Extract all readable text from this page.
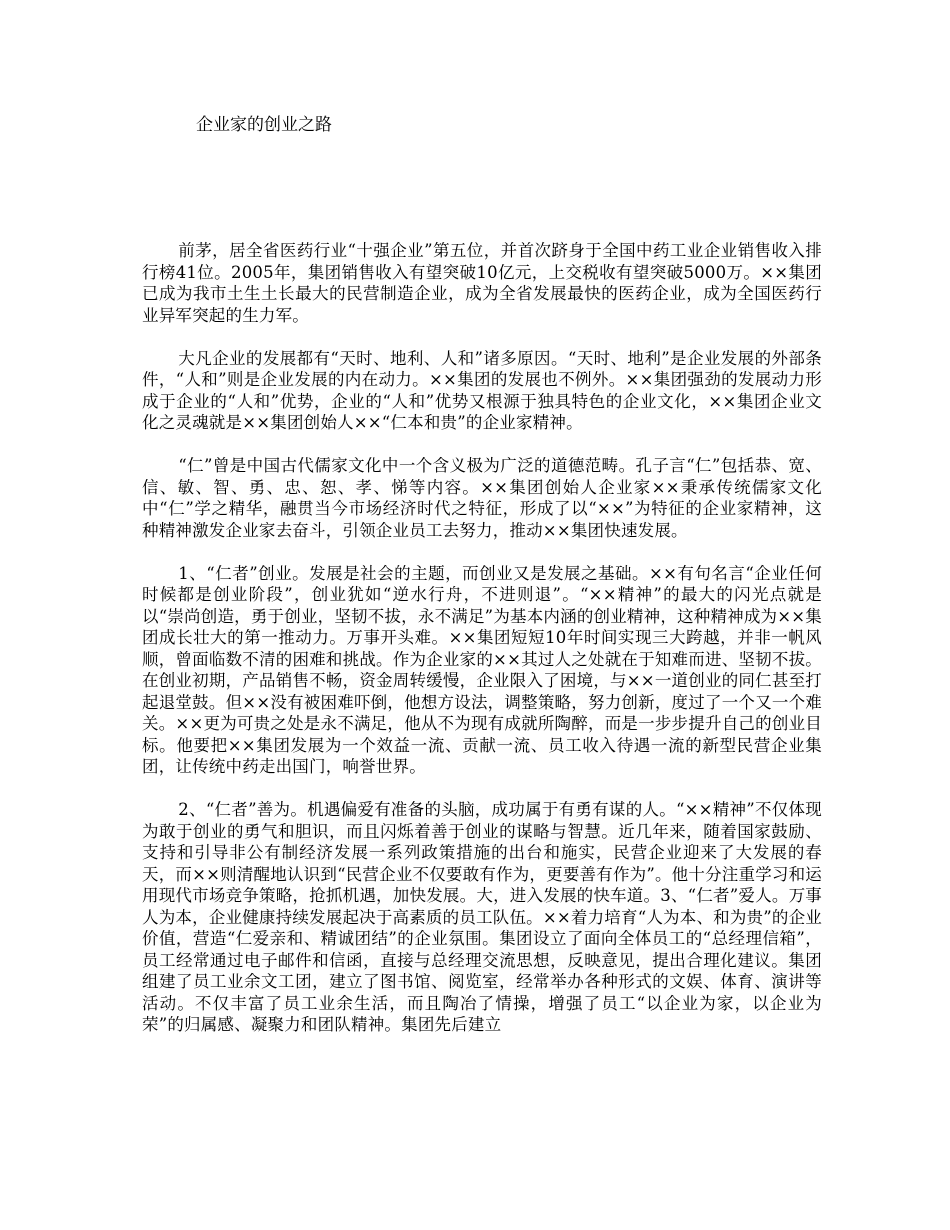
企业家的创业之路

前茅，居全省医药行业“十强企业”第五位，并首次跻身于全国中药工业企业销售收入排行榜41位。2005年，集团销售收入有望突破10亿元，上交税收有望突破5000万。××集团已成为我市土生土长最大的民营制造企业，成为全省发展最快的医药企业，成为全国医药行业异军突起的生力军。

大凡企业的发展都有“天时、地利、人和”诸多原因。“天时、地利”是企业发展的外部条件，“人和”则是企业发展的内在动力。××集团的发展也不例外。××集团强劲的发展动力形成于企业的“人和”优势，企业的“人和”优势又根源于独具特色的企业文化，××集团企业文化之灵魂就是××集团创始人××“仁本和贵”的企业家精神。

“仁”曾是中国古代儒家文化中一个含义极为广泛的道德范畴。孔子言“仁”包括恭、宽、信、敏、智、勇、忠、恕、孝、悌等内容。××集团创始人企业家××秉承传统儒家文化中“仁”学之精华，融贯当今市场经济时代之特征，形成了以“××”为特征的企业家精神，这种精神激发企业家去奋斗，引领企业员工去努力，推动××集团快速发展。

1、“仁者”创业。发展是社会的主题，而创业又是发展之基础。××有句名言“企业任何时候都是创业阶段”，创业犹如“逆水行舟，不进则退”。“××精神”的最大的闪光点就是以“崇尚创造，勇于创业，坚韧不拔，永不满足”为基本内涵的创业精神，这种精神成为××集团成长壮大的第一推动力。万事开头难。××集团短短10年时间实现三大跨越，并非一帆风顺，曾面临数不清的困难和挑战。作为企业家的××其过人之处就在于知难而进、坚韧不拔。在创业初期，产品销售不畅，资金周转缓慢，企业限入了困境，与××一道创业的同仁甚至打起退堂鼓。但××没有被困难吓倒，他想方设法，调整策略，努力创新，度过了一个又一个难关。××更为可贵之处是永不满足，他从不为现有成就所陶醉，而是一步步提升自己的创业目标。他要把××集团发展为一个效益一流、贡献一流、员工收入待遇一流的新型民营企业集团，让传统中药走出国门，响誉世界。

2、“仁者”善为。机遇偏爱有准备的头脑，成功属于有勇有谋的人。“××精神”不仅体现为敢于创业的勇气和胆识，而且闪烁着善于创业的谋略与智慧。近几年来，随着国家鼓励、支持和引导非公有制经济发展一系列政策措施的出台和施实，民营企业迎来了大发展的春天，而××则清醒地认识到“民营企业不仅要敢有作为，更要善有作为”。他十分注重学习和运用现代市场竞争策略，抢抓机遇，加快发展。大，进入发展的快车道。3、“仁者”爱人。万事人为本，企业健康持续发展起决于高素质的员工队伍。××着力培育“人为本、和为贵”的企业价值，营造“仁爱亲和、精诚团结”的企业氛围。集团设立了面向全体员工的“总经理信箱”，员工经常通过电子邮件和信函，直接与总经理交流思想，反映意见，提出合理化建议。集团组建了员工业余文工团，建立了图书馆、阅览室，经常举办各种形式的文娱、体育、演讲等活动。不仅丰富了员工业余生活，而且陶冶了情操，增强了员工“以企业为家，以企业为荣”的归属感、凝聚力和团队精神。集团先后建立
